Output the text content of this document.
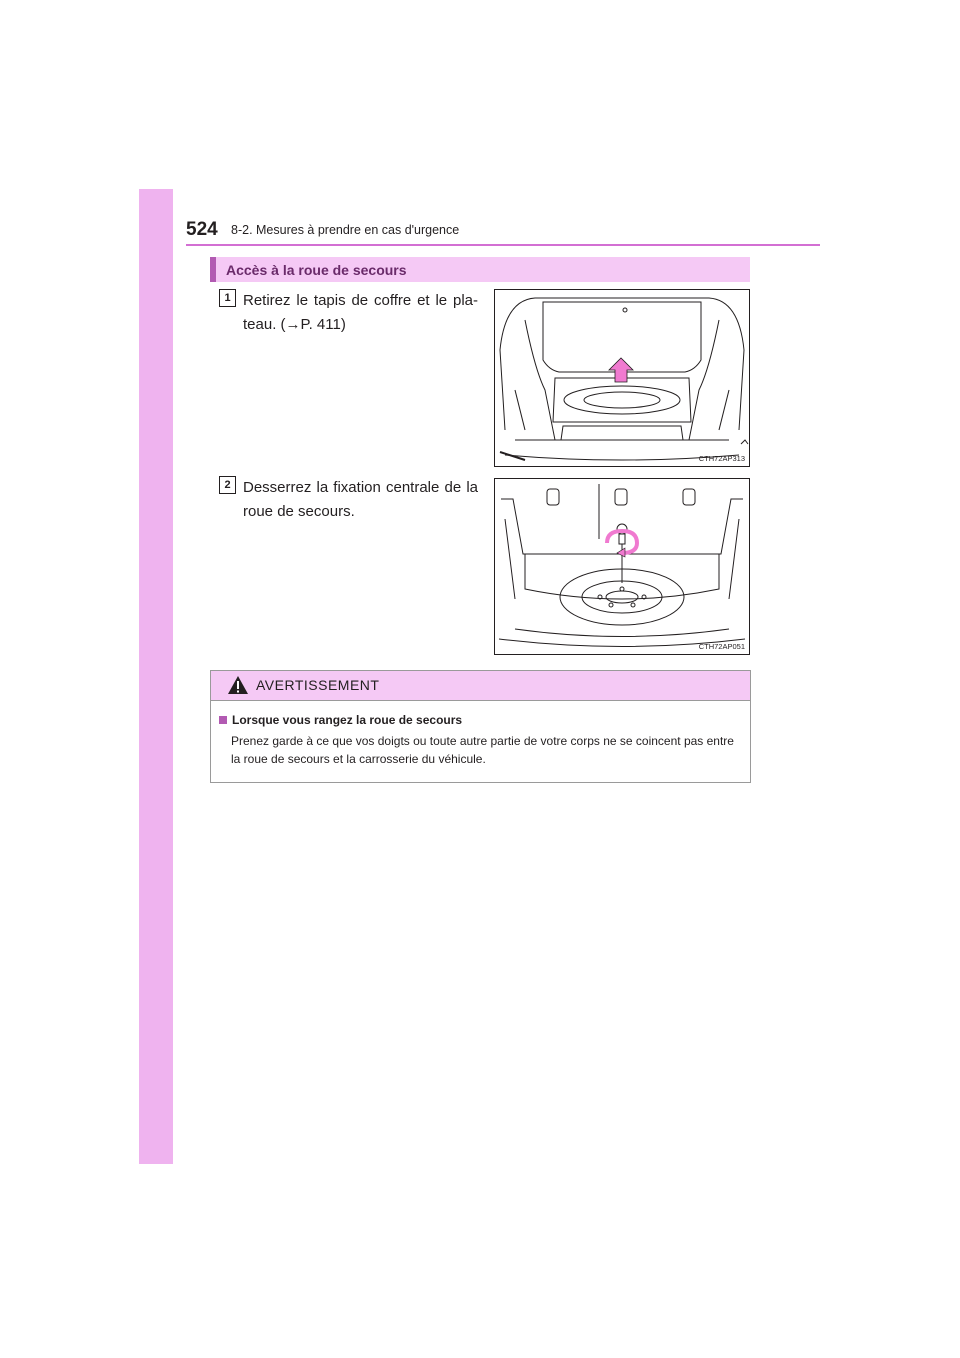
524 8-2. Mesures à prendre en cas d'urgence
Accès à la roue de secours
1 Retirez le tapis de coffre et le pla-teau. (→P. 411)
CTH72AP313
2 Desserrez la fixation centrale de la roue de secours.
CTH72AP051
AVERTISSEMENT
Lorsque vous rangez la roue de secours
Prenez garde à ce que vos doigts ou toute autre partie de votre corps ne se coincent pas entre la roue de secours et la carrosserie du véhicule.
